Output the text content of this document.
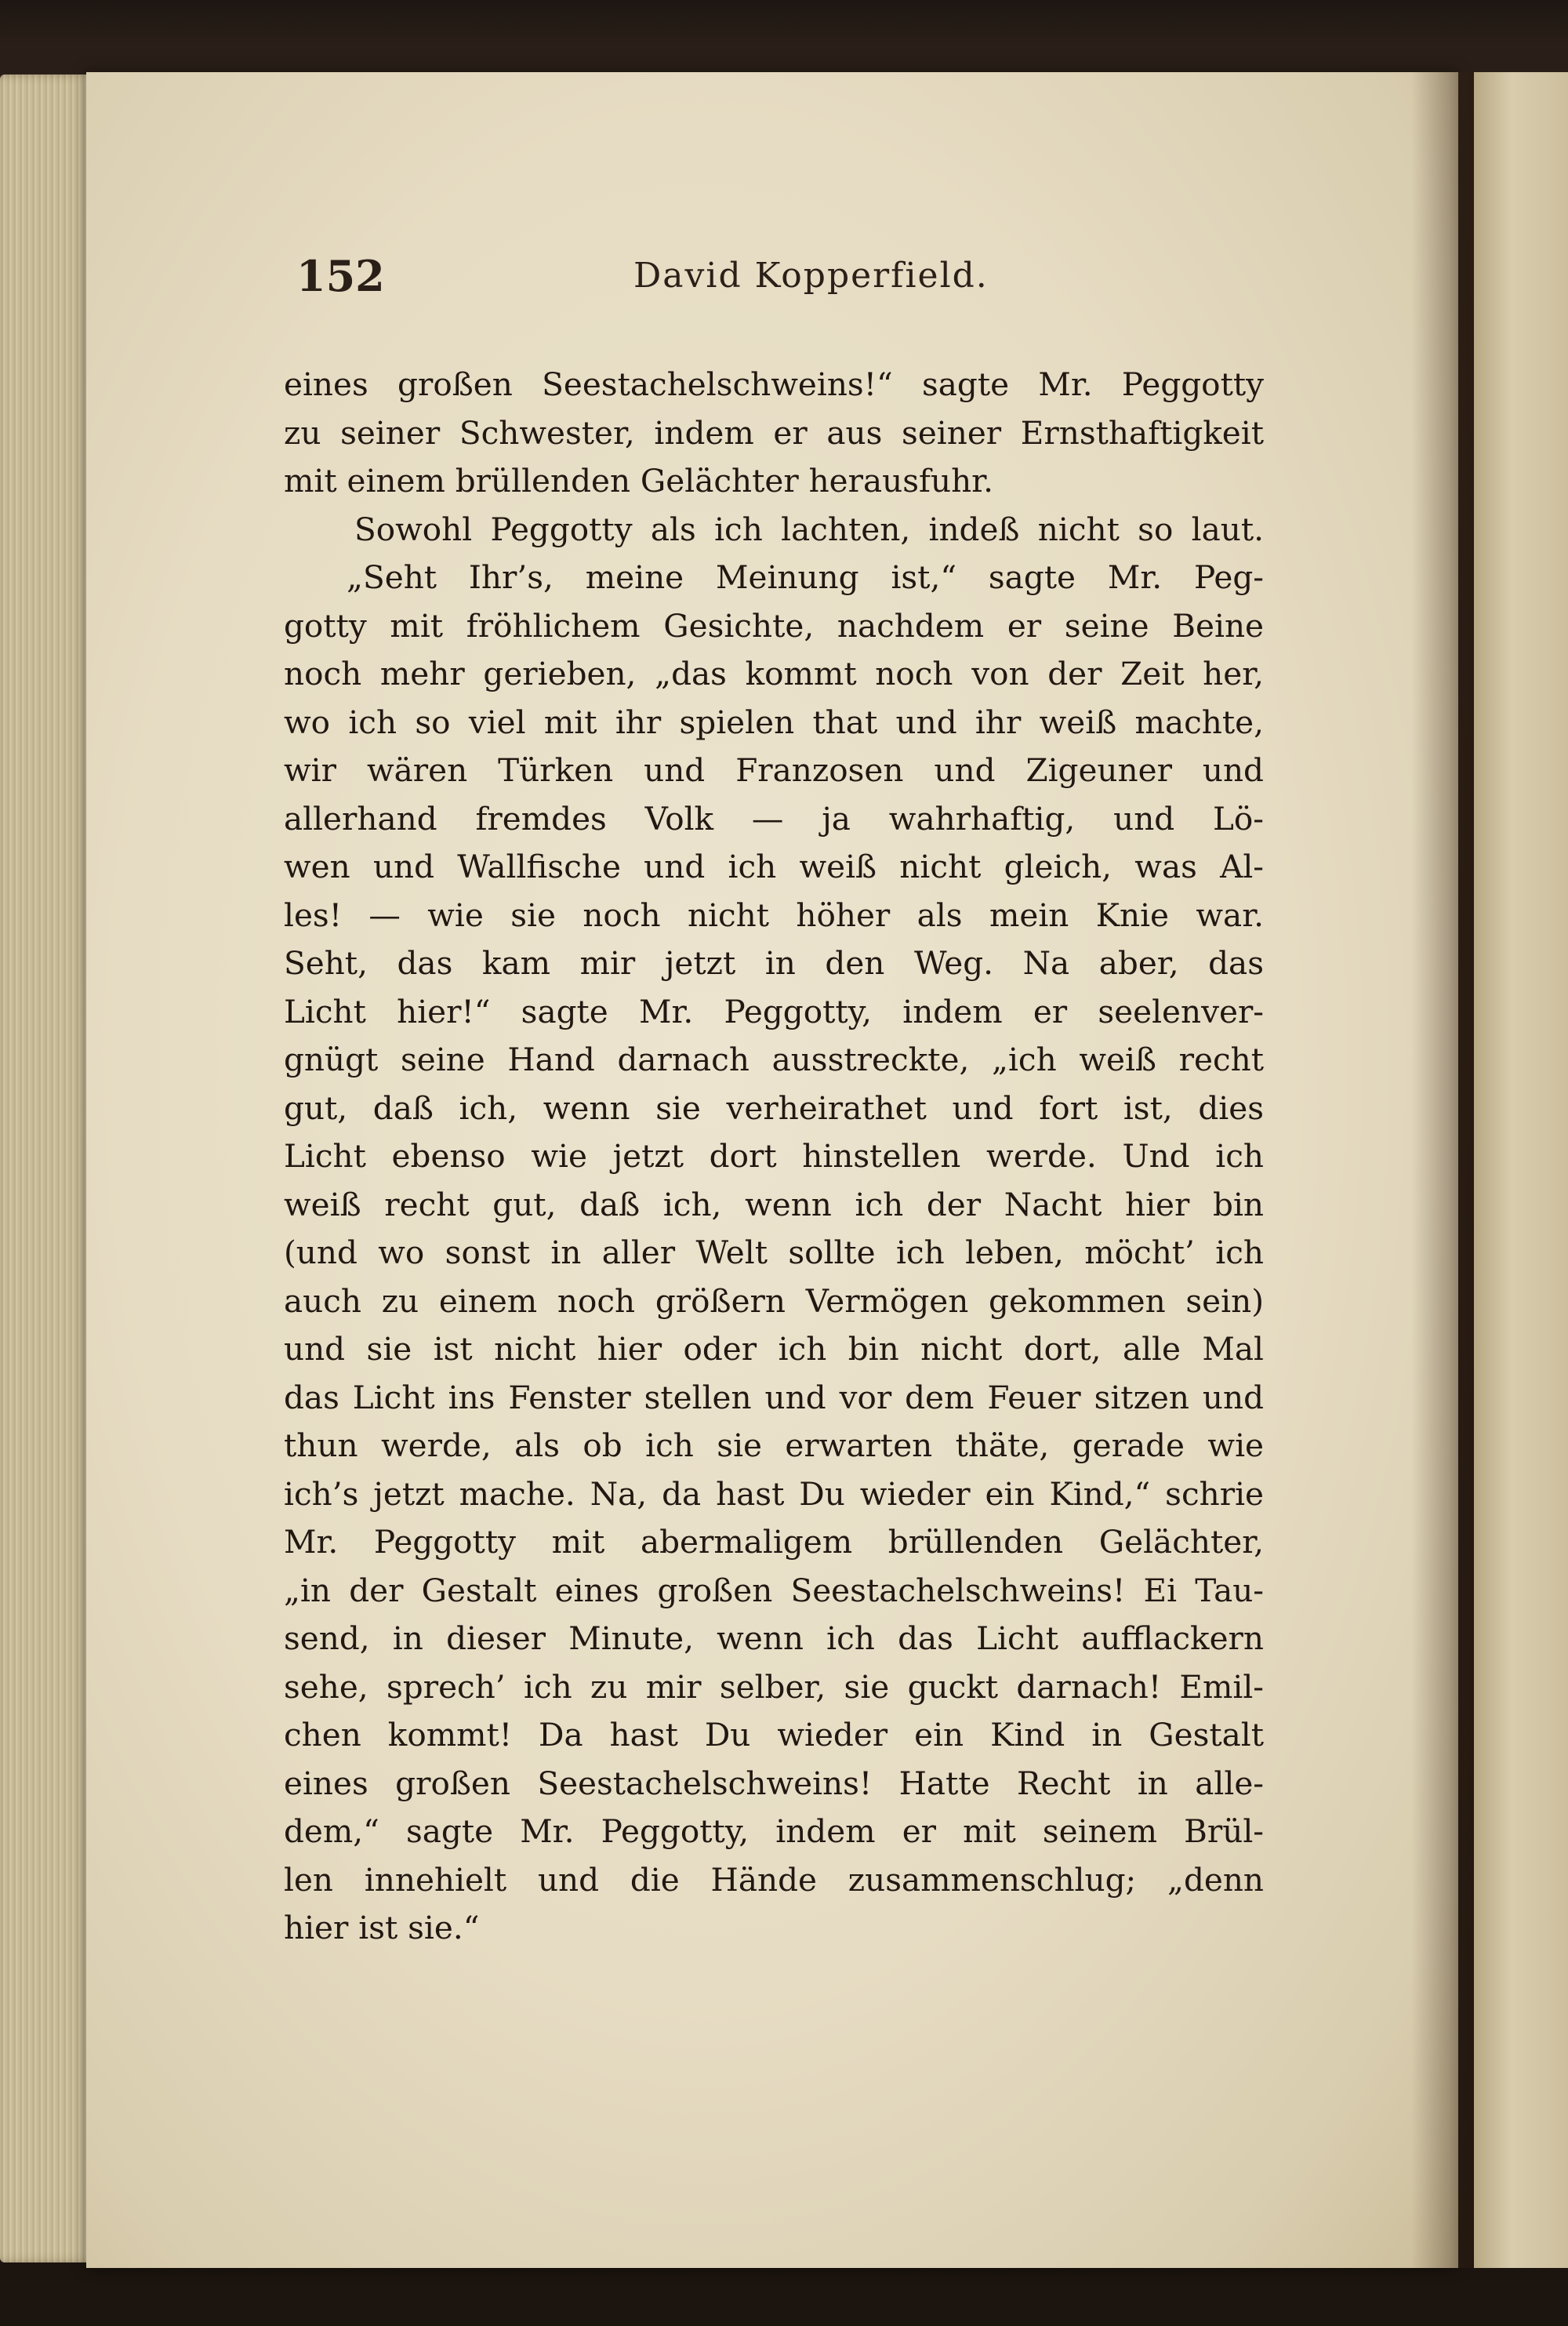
152	David Kopperfield.
eines großen Seestachelschweins!“ sagte Mr. Peggotty
zu seiner Schwester, indem er aus seiner Ernsthaftigkeit
mit einem brüllenden Gelächter herausfuhr.
Sowohl Peggotty als ich lachten, indeß nicht so laut.
„Seht Ihr’s, meine Meinung ist,“ sagte Mr. Peg-
gotty mit fröhlichem Gesichte, nachdem er seine Beine
noch mehr gerieben, „das kommt noch von der Zeit her,
wo ich so viel mit ihr spielen that und ihr weiß machte,
wir wären Türken und Franzosen und Zigeuner und
allerhand fremdes Volk — ja wahrhaftig, und Lö-
wen und Wallfische und ich weiß nicht gleich, was Al-
les! — wie sie noch nicht höher als mein Knie war.
Seht, das kam mir jetzt in den Weg. Na aber, das
Licht hier!“ sagte Mr. Peggotty, indem er seelenver-
gnügt seine Hand darnach ausstreckte, „ich weiß recht
gut, daß ich, wenn sie verheirathet und fort ist, dies
Licht ebenso wie jetzt dort hinstellen werde. Und ich
weiß recht gut, daß ich, wenn ich der Nacht hier bin
(und wo sonst in aller Welt sollte ich leben, möcht’ ich
auch zu einem noch größern Vermögen gekommen sein)
und sie ist nicht hier oder ich bin nicht dort, alle Mal
das Licht ins Fenster stellen und vor dem Feuer sitzen und
thun werde, als ob ich sie erwarten thäte, gerade wie
ich’s jetzt mache. Na, da hast Du wieder ein Kind,“ schrie
Mr. Peggotty mit abermaligem brüllenden Gelächter,
„in der Gestalt eines großen Seestachelschweins! Ei Tau-
send, in dieser Minute, wenn ich das Licht aufflackern
sehe, sprech’ ich zu mir selber, sie guckt darnach! Emil-
chen kommt! Da hast Du wieder ein Kind in Gestalt
eines großen Seestachelschweins! Hatte Recht in alle-
dem,“ sagte Mr. Peggotty, indem er mit seinem Brül-
len innehielt und die Hände zusammenschlug; „denn
hier ist sie.“
